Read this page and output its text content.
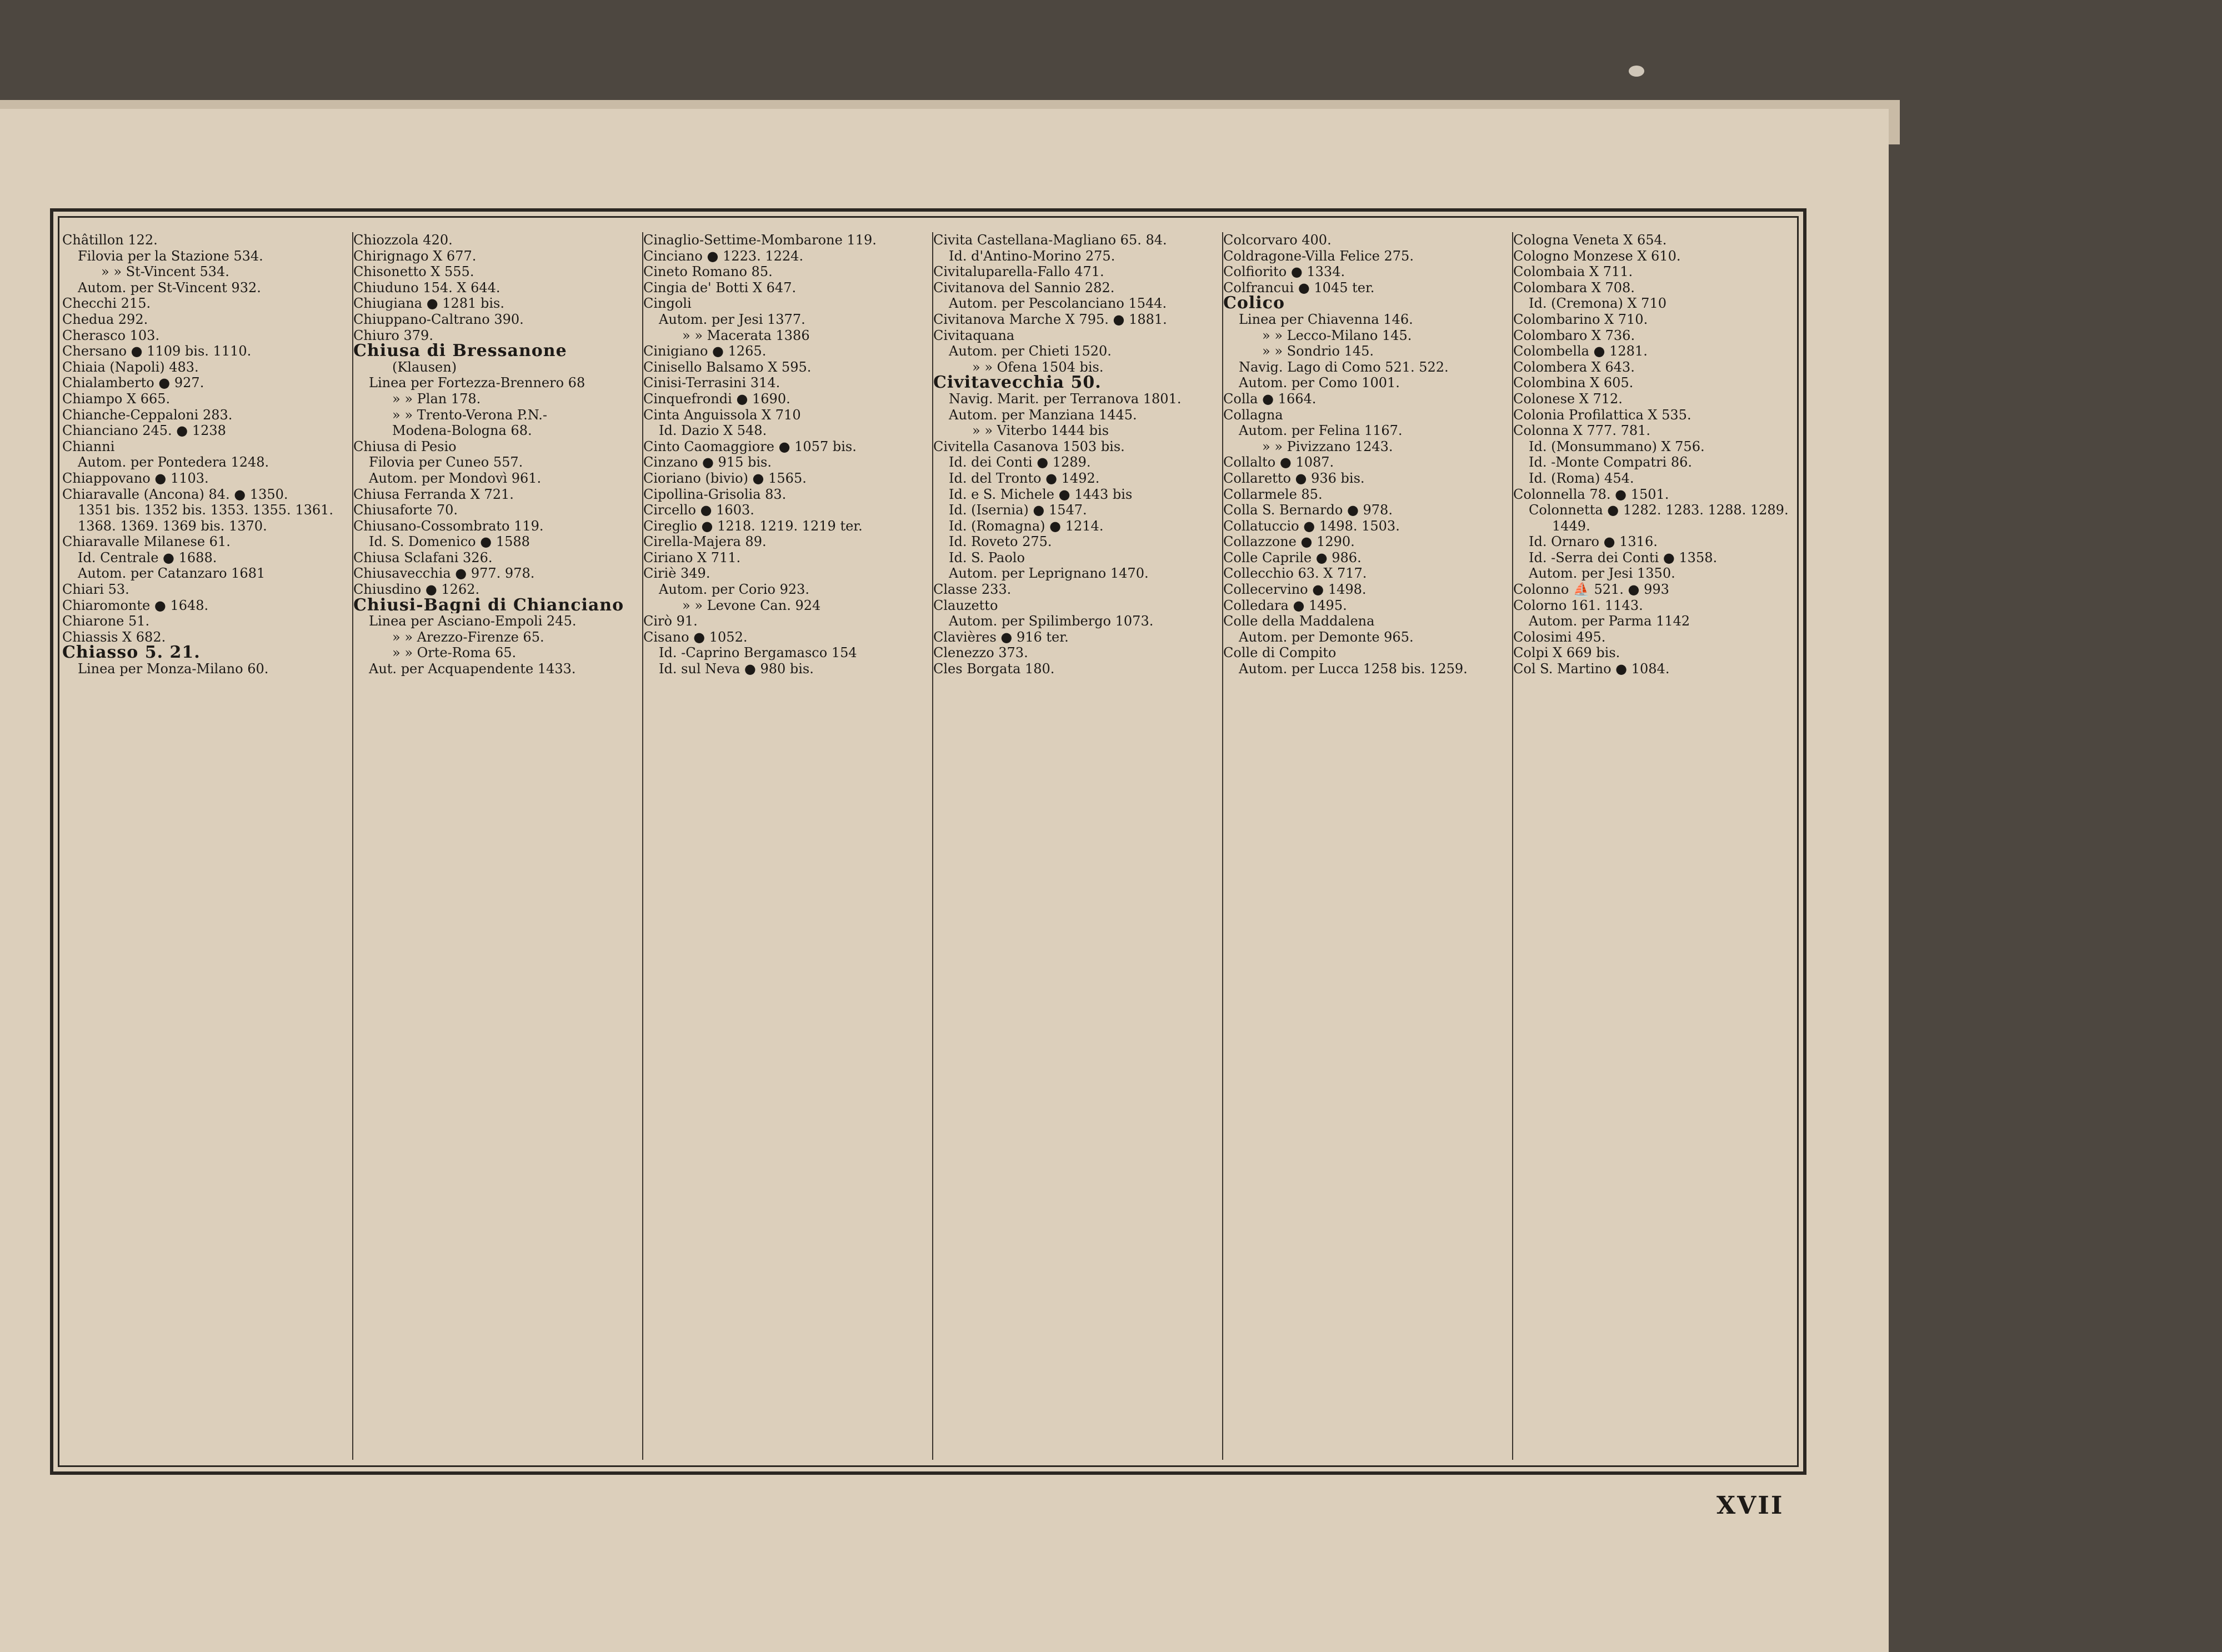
Châtillon 122.
Filovia per la Stazione 534.
» » St-Vincent 534.
Autom. per St-Vincent 932.
Checchi 215.
Chedua 292.
Cherasco 103.
Chersano ● 1109 bis. 1110.
Chiaia (Napoli) 483.
Chialamberto ● 927.
Chiampo Ⅹ 665.
Chianche-Ceppaloni 283.
Chianciano 245. ● 1238
Chianni
Autom. per Pontedera 1248.
Chiappovano ● 1103.
Chiaravalle (Ancona) 84. ● 1350.
1351 bis. 1352 bis. 1353. 1355. 1361.
1368. 1369. 1369 bis. 1370.
Chiaravalle Milanese 61.
Id. Centrale ● 1688.
Autom. per Catanzaro 1681
Chiari 53.
Chiaromonte ● 1648.
Chiarone 51.
Chiassis Ⅹ 682.
Chiasso 5. 21.
Linea per Monza-Milano 60.
Chiozzola 420.
Chirignago Ⅹ 677.
Chisonetto Ⅹ 555.
Chiuduno 154. Ⅹ 644.
Chiugiana ● 1281 bis.
Chiuppano-Caltrano 390.
Chiuro 379.
Chiusa di Bressanone
(Klausen)
Linea per Fortezza-Brennero 68
» » Plan 178.
» » Trento-Verona P.N.-
Modena-Bologna 68.
Chiusa di Pesio
Filovia per Cuneo 557.
Autom. per Mondovì 961.
Chiusa Ferranda Ⅹ 721.
Chiusaforte 70.
Chiusano-Cossombrato 119.
Id. S. Domenico ● 1588
Chiusa Sclafani 326.
Chiusavecchia ● 977. 978.
Chiusdino ● 1262.
Chiusi-Bagni di Chianciano
Linea per Asciano-Empoli 245.
» » Arezzo-Firenze 65.
» » Orte-Roma 65.
Aut. per Acquapendente 1433.
Cinaglio-Settime-Mombarone 119.
Cinciano ● 1223. 1224.
Cineto Romano 85.
Cingia de' Botti Ⅹ 647.
Cingoli
Autom. per Jesi 1377.
» » Macerata 1386
Cinigiano ● 1265.
Cinisello Balsamo Ⅹ 595.
Cinisi-Terrasini 314.
Cinquefrondi ● 1690.
Cinta Anguissola Ⅹ 710
Id. Dazio Ⅹ 548.
Cinto Caomaggiore ● 1057 bis.
Cinzano ● 915 bis.
Cioriano (bivio) ● 1565.
Cipollina-Grisolia 83.
Circello ● 1603.
Cireglio ● 1218. 1219. 1219 ter.
Cirella-Majera 89.
Ciriano Ⅹ 711.
Ciriè 349.
Autom. per Corio 923.
» » Levone Can. 924
Cirò 91.
Cisano ● 1052.
Id. -Caprino Bergamasco 154
Id. sul Neva ● 980 bis.
Civita Castellana-Magliano 65. 84.
Id. d'Antino-Morino 275.
Civitaluparella-Fallo 471.
Civitanova del Sannio 282.
Autom. per Pescolanciano 1544.
Civitanova Marche Ⅹ 795. ● 1881.
Civitaquana
Autom. per Chieti 1520.
» » Ofena 1504 bis.
Civitavecchia 50.
Navig. Marit. per Terranova 1801.
Autom. per Manziana 1445.
» » Viterbo 1444 bis
Civitella Casanova 1503 bis.
Id. dei Conti ● 1289.
Id. del Tronto ● 1492.
Id. e S. Michele ● 1443 bis
Id. (Isernia) ● 1547.
Id. (Romagna) ● 1214.
Id. Roveto 275.
Id. S. Paolo
Autom. per Leprignano 1470.
Classe 233.
Clauzetto
Autom. per Spilimbergo 1073.
Clavières ● 916 ter.
Clenezzo 373.
Cles Borgata 180.
Colcorvaro 400.
Coldragone-Villa Felice 275.
Colfiorito ● 1334.
Colfrancui ● 1045 ter.
Colico
Linea per Chiavenna 146.
» » Lecco-Milano 145.
» » Sondrio 145.
Navig. Lago di Como 521. 522.
Autom. per Como 1001.
Colla ● 1664.
Collagna
Autom. per Felina 1167.
» » Pivizzano 1243.
Collalto ● 1087.
Collaretto ● 936 bis.
Collarmele 85.
Colla S. Bernardo ● 978.
Collatuccio ● 1498. 1503.
Collazzone ● 1290.
Colle Caprile ● 986.
Collecchio 63. Ⅹ 717.
Collecervino ● 1498.
Colledara ● 1495.
Colle della Maddalena
Autom. per Demonte 965.
Colle di Compito
Autom. per Lucca 1258 bis. 1259.
Cologna Veneta Ⅹ 654.
Cologno Monzese Ⅹ 610.
Colombaia Ⅹ 711.
Colombara Ⅹ 708.
Id. (Cremona) Ⅹ 710
Colombarino Ⅹ 710.
Colombaro Ⅹ 736.
Colombella ● 1281.
Colombera Ⅹ 643.
Colombina Ⅹ 605.
Colonese Ⅹ 712.
Colonia Profilattica Ⅹ 535.
Colonna Ⅹ 777. 781.
Id. (Monsummano) Ⅹ 756.
Id. -Monte Compatri 86.
Id. (Roma) 454.
Colonnella 78. ● 1501.
Colonnetta ● 1282. 1283. 1288. 1289.
1449.
Id. Ornaro ● 1316.
Id. -Serra dei Conti ● 1358.
Autom. per Jesi 1350.
Colonno ⛵ 521. ● 993
Colorno 161. 1143.
Autom. per Parma 1142
Colosimi 495.
Colpi Ⅹ 669 bis.
Col S. Martino ● 1084.
XVII
